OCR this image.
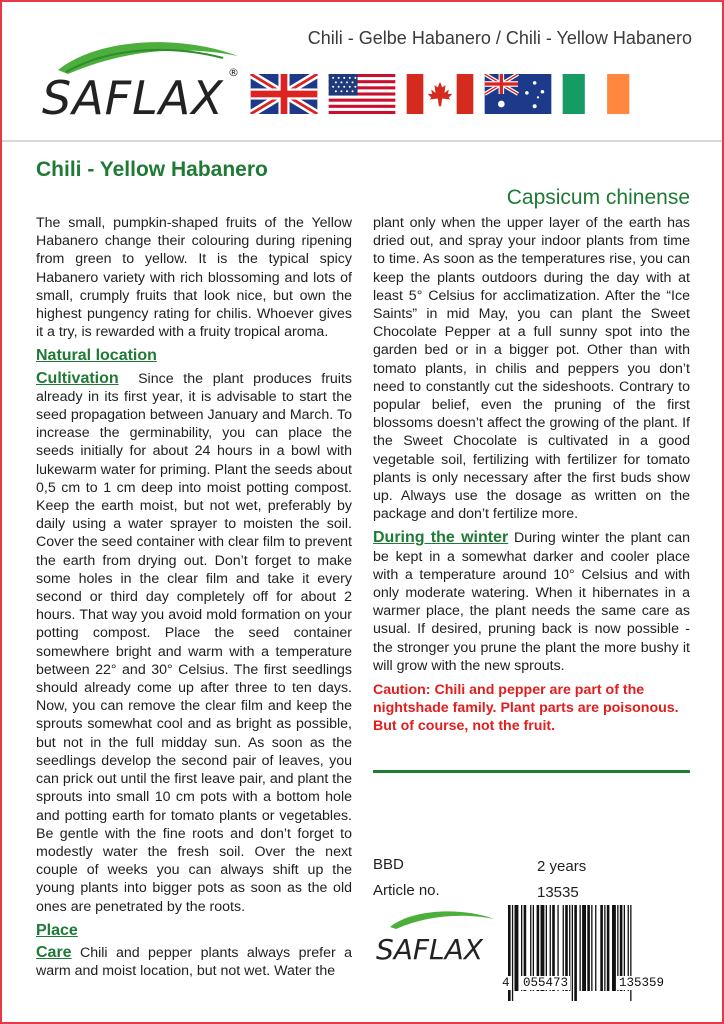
Chili - Gelbe Habanero / Chili - Yellow Habanero
SAFLAX ®
Chili - Yellow Habanero
Capsicum chinense

The small, pumpkin-shaped fruits of the Yellow Habanero change their colouring during ripening from green to yellow. It is the typical spicy Habanero variety with rich blossoming and lots of small, crumply fruits that look nice, but own the highest pungency rating for chilis. Whoever gives it a try, is rewarded with a fruity tropical aroma.

Natural location

Cultivation Since the plant produces fruits already in its first year, it is advisable to start the seed propagation between January and March. To increase the germinability, you can place the seeds initially for about 24 hours in a bowl with lukewarm water for priming. Plant the seeds about 0,5 cm to 1 cm deep into moist potting compost. Keep the earth moist, but not wet, preferably by daily using a water sprayer to moisten the soil. Cover the seed container with clear film to prevent the earth from drying out. Don’t forget to make some holes in the clear film and take it every second or third day completely off for about 2 hours. That way you avoid mold formation on your potting compost. Place the seed container somewhere bright and warm with a temperature between 22° and 30° Celsius. The first seedlings should already come up after three to ten days. Now, you can remove the clear film and keep the sprouts somewhat cool and as bright as possible, but not in the full midday sun. As soon as the seedlings develop the second pair of leaves, you can prick out until the first leave pair, and plant the sprouts into small 10 cm pots with a bottom hole and potting earth for tomato plants or vegetables. Be gentle with the fine roots and don’t forget to modestly water the fresh soil. Over the next couple of weeks you can always shift up the young plants into bigger pots as soon as the old ones are penetrated by the roots.

Place

Care Chili and pepper plants always prefer a warm and moist location, but not wet. Water the

plant only when the upper layer of the earth has dried out, and spray your indoor plants from time to time. As soon as the temperatures rise, you can keep the plants outdoors during the day with at least 5° Celsius for acclimatization. After the “Ice Saints” in mid May, you can plant the Sweet Chocolate Pepper at a full sunny spot into the garden bed or in a bigger pot. Other than with tomato plants, in chilis and peppers you don’t need to constantly cut the sideshoots. Contrary to popular belief, even the pruning of the first blossoms doesn’t affect the growing of the plant. If the Sweet Chocolate is cultivated in a good vegetable soil, fertilizing with fertilizer for tomato plants is only necessary after the first buds show up. Always use the dosage as written on the package and don’t fertilize more.

During the winter During winter the plant can be kept in a somewhat darker and cooler place with a temperature around 10° Celsius and with only moderate watering. When it hibernates in a warmer place, the plant needs the same care as usual. If desired, pruning back is now possible - the stronger you prune the plant the more bushy it will grow with the new sprouts.

Caution: Chili and pepper are part of the nightshade family. Plant parts are poisonous. But of course, not the fruit.

BBD	2 years
Article no.	13535
SAFLAX
4 055473	135359
